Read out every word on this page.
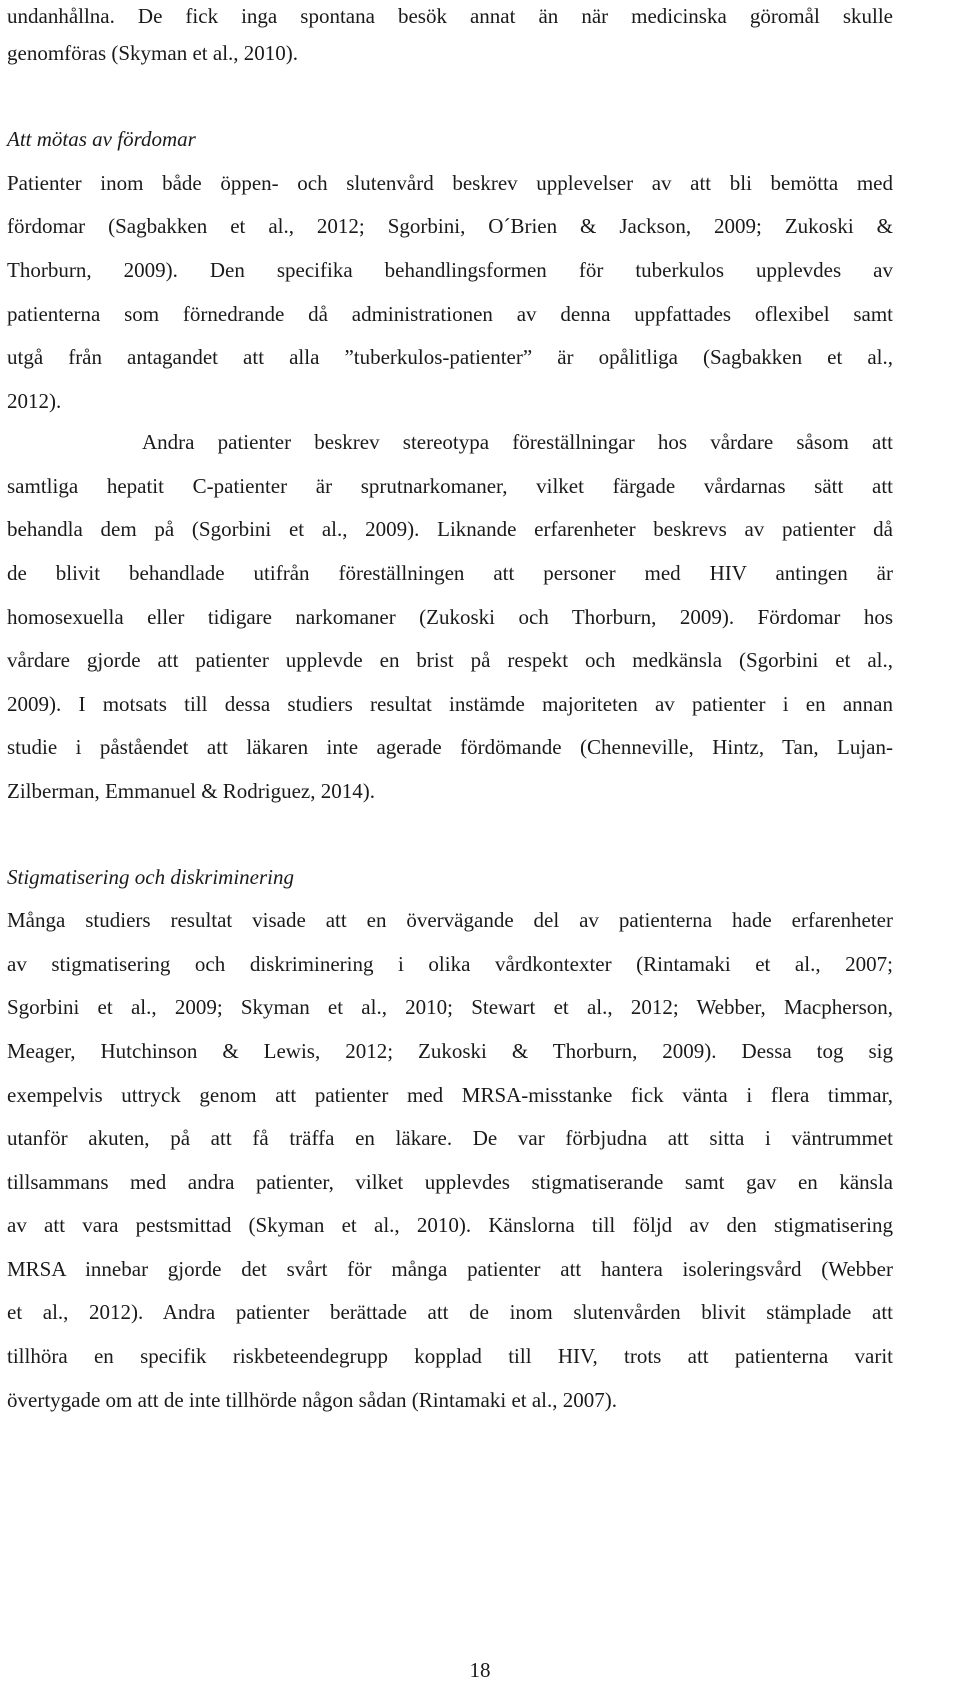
undanhållna. De fick inga spontana besök annat än när medicinska göromål skulle
genomföras (Skyman et al., 2010).
Att mötas av fördomar
Patienter inom både öppen- och slutenvård beskrev upplevelser av att bli bemötta med
fördomar (Sagbakken et al., 2012; Sgorbini, O´Brien & Jackson, 2009; Zukoski &
Thorburn, 2009). Den specifika behandlingsformen för tuberkulos upplevdes av
patienterna som förnedrande då administrationen av denna uppfattades oflexibel samt
utgå från antagandet att alla ”tuberkulos-patienter” är opålitliga (Sagbakken et al.,
2012).
Andra patienter beskrev stereotypa föreställningar hos vårdare såsom att
samtliga hepatit C-patienter är sprutnarkomaner, vilket färgade vårdarnas sätt att
behandla dem på (Sgorbini et al., 2009). Liknande erfarenheter beskrevs av patienter då
de blivit behandlade utifrån föreställningen att personer med HIV antingen är
homosexuella eller tidigare narkomaner (Zukoski och Thorburn, 2009). Fördomar hos
vårdare gjorde att patienter upplevde en brist på respekt och medkänsla (Sgorbini et al.,
2009). I motsats till dessa studiers resultat instämde majoriteten av patienter i en annan
studie i påståendet att läkaren inte agerade fördömande (Chenneville, Hintz, Tan, Lujan-
Zilberman, Emmanuel & Rodriguez, 2014).
Stigmatisering och diskriminering
Många studiers resultat visade att en övervägande del av patienterna hade erfarenheter
av stigmatisering och diskriminering i olika vårdkontexter (Rintamaki et al., 2007;
Sgorbini et al., 2009; Skyman et al., 2010; Stewart et al., 2012; Webber, Macpherson,
Meager, Hutchinson & Lewis, 2012; Zukoski & Thorburn, 2009). Dessa tog sig
exempelvis uttryck genom att patienter med MRSA-misstanke fick vänta i flera timmar,
utanför akuten, på att få träffa en läkare. De var förbjudna att sitta i väntrummet
tillsammans med andra patienter, vilket upplevdes stigmatiserande samt gav en känsla
av att vara pestsmittad (Skyman et al., 2010). Känslorna till följd av den stigmatisering
MRSA innebar gjorde det svårt för många patienter att hantera isoleringsvård (Webber
et al., 2012). Andra patienter berättade att de inom slutenvården blivit stämplade att
tillhöra en specifik riskbeteendegrupp kopplad till HIV, trots att patienterna varit
övertygade om att de inte tillhörde någon sådan (Rintamaki et al., 2007).
18
